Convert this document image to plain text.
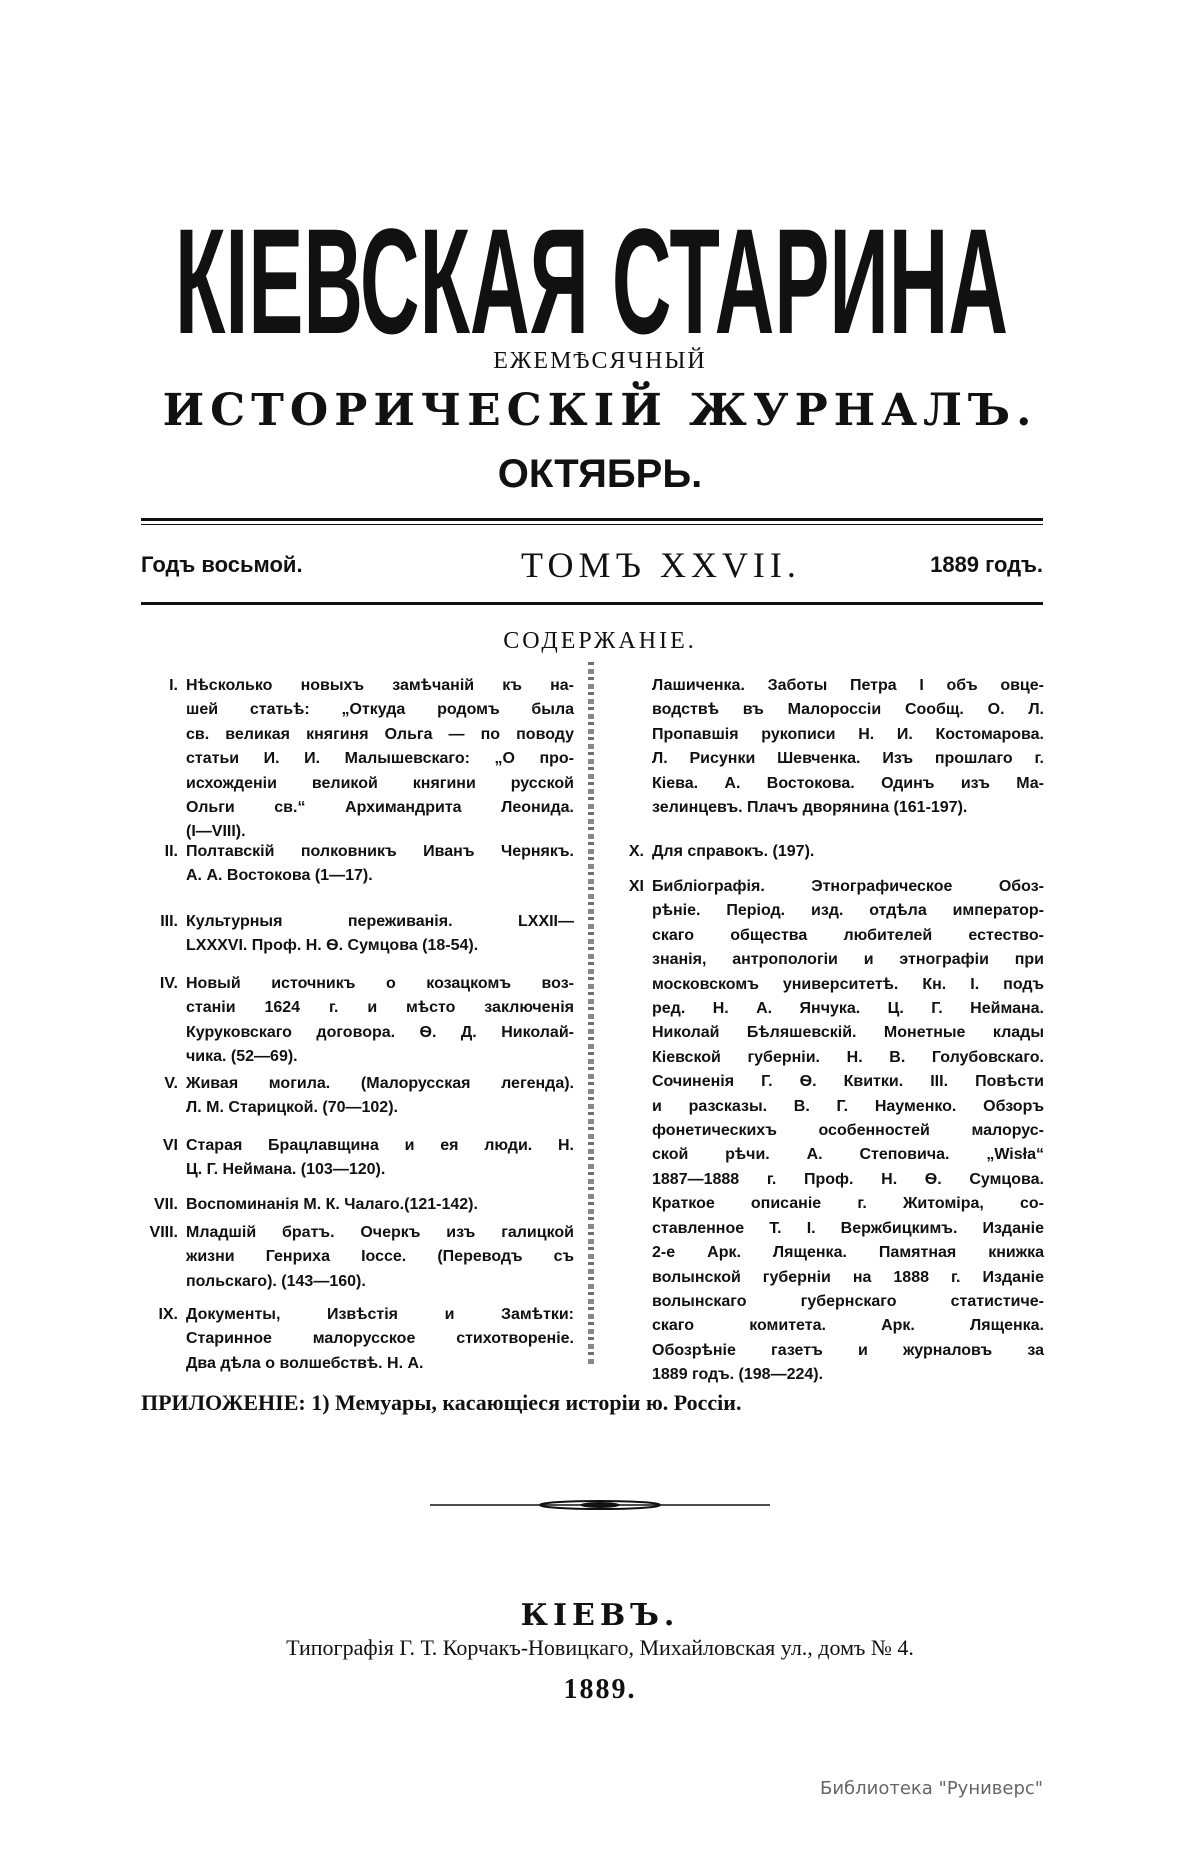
КІЕВСКАЯ СТАРИНА
ЕЖЕМѢСЯЧНЫЙ
ИСТОРИЧЕСКІЙ ЖУРНАЛЪ.
ОКТЯБРЬ.
Годъ восьмой.	ТОМЪ XXVII.	1889 годъ.
СОДЕРЖАНІЕ.
I. Нѣсколько новыхъ замѣчаній къ на-
шей статьѣ: „Откуда родомъ была
св. великая княгиня Ольга — по поводу
статьи И. И. Малышевскаго: „О про-
исхожденіи великой княгини русской
Ольги св.“ Архимандрита Леонида.
(I—VIII).
II. Полтавскій полковникъ Иванъ Чернякъ.
А. А. Востокова (1—17).
III. Культурныя переживанія. LXXII—
LXXXVI. Проф. Н. Ѳ. Сумцова (18-54).
IV. Новый источникъ о козацкомъ воз-
станіи 1624 г. и мѣсто заключенія
Куруковскаго договора. Ѳ. Д. Николай-
чика. (52—69).
V. Живая могила. (Малорусская легенда).
Л. М. Старицкой. (70—102).
VI Старая Брацлавщина и ея люди. Н.
Ц. Г. Неймана. (103—120).
VII. Воспоминанія М. К. Чалаго.(121-142).
VIII. Младшій братъ. Очеркъ изъ галицкой
жизни Генриха Іоссе. (Переводъ съ
польскаго). (143—160).
IX. Документы, Извѣстія и Замѣтки:
Старинное малорусское стихотвореніе.
Два дѣла о волшебствѣ. Н. А.
Лашиченка. Заботы Петра I объ овце-
водствѣ въ Малороссіи Сообщ. О. Л.
Пропавшія рукописи Н. И. Костомарова.
Л. Рисунки Шевченка. Изъ прошлаго г.
Кіева. А. Востокова. Одинъ изъ Ма-
зелинцевъ. Плачъ дворянина (161-197).
X. Для справокъ. (197).
XI Библіографія. Этнографическое Обоз-
рѣніе. Період. изд. отдѣла император-
скаго общества любителей естество-
знанія, антропологіи и этнографіи при
московскомъ университетѣ. Кн. I. подъ
ред. Н. А. Янчука. Ц. Г. Неймана.
Николай Бѣляшевскій. Монетные клады
Кіевской губерніи. Н. В. Голубовскаго.
Сочиненія Г. Ѳ. Квитки. III. Повѣсти
и разсказы. В. Г. Науменко. Обзоръ
фонетическихъ особенностей малорус-
ской рѣчи. А. Степовича. „Wisła“
1887—1888 г. Проф. Н. Ѳ. Сумцова.
Краткое описаніе г. Житоміра, со-
ставленное Т. І. Вержбицкимъ. Изданіе
2-е Арк. Лященка. Памятная книжка
волынской губерніи на 1888 г. Изданіе
волынскаго губернскаго статистиче-
скаго комитета. Арк. Лященка.
Обозрѣніе газетъ и журналовъ за
1889 годъ. (198—224).
ПРИЛОЖЕНІЕ: 1) Мемуары, касающіеся исторіи ю. Россіи.
КІЕВЪ.
Типографія Г. Т. Корчакъ-Новицкаго, Михайловская ул., домъ № 4.
1889.
Библиотека "Руниверс"
